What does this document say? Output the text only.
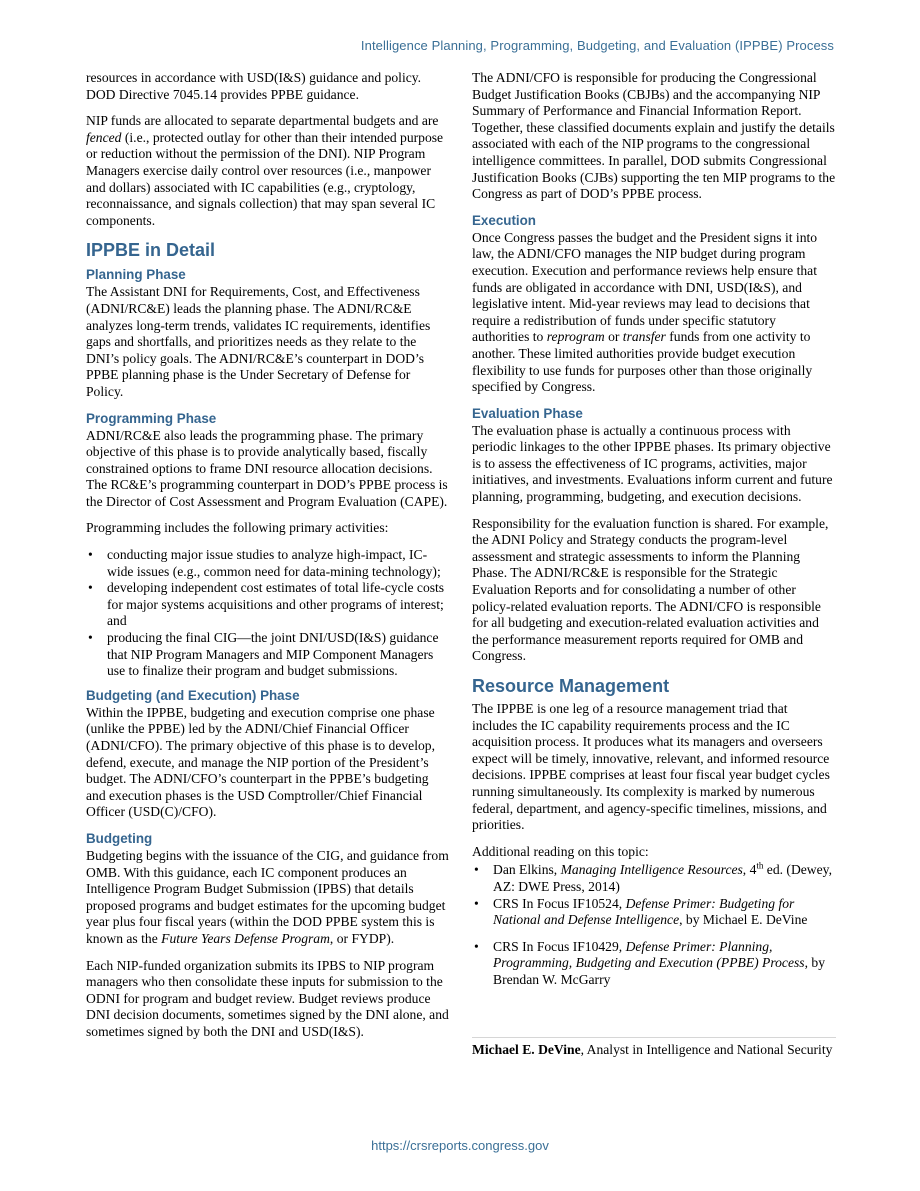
Intelligence Planning, Programming, Budgeting, and Evaluation (IPPBE) Process

resources in accordance with USD(I&S) guidance and policy. DOD Directive 7045.14 provides PPBE guidance.

NIP funds are allocated to separate departmental budgets and are fenced (i.e., protected outlay for other than their intended purpose or reduction without the permission of the DNI). NIP Program Managers exercise daily control over resources (i.e., manpower and dollars) associated with IC capabilities (e.g., cryptology, reconnaissance, and signals collection) that may span several IC components.

IPPBE in Detail
Planning Phase

The Assistant DNI for Requirements, Cost, and Effectiveness (ADNI/RC&E) leads the planning phase. The ADNI/RC&E analyzes long-term trends, validates IC requirements, identifies gaps and shortfalls, and prioritizes needs as they relate to the DNI’s policy goals. The ADNI/RC&E’s counterpart in DOD’s PPBE planning phase is the Under Secretary of Defense for Policy.

Programming Phase

ADNI/RC&E also leads the programming phase. The primary objective of this phase is to provide analytically based, fiscally constrained options to frame DNI resource allocation decisions. The RC&E’s programming counterpart in DOD’s PPBE process is the Director of Cost Assessment and Program Evaluation (CAPE).

Programming includes the following primary activities:

• conducting major issue studies to analyze high-impact, IC-wide issues (e.g., common need for data-mining technology);
• developing independent cost estimates of total life-cycle costs for major systems acquisitions and other programs of interest; and
• producing the final CIG—the joint DNI/USD(I&S) guidance that NIP Program Managers and MIP Component Managers use to finalize their program and budget submissions.
Budgeting (and Execution) Phase

Within the IPPBE, budgeting and execution comprise one phase (unlike the PPBE) led by the ADNI/Chief Financial Officer (ADNI/CFO). The primary objective of this phase is to develop, defend, execute, and manage the NIP portion of the President’s budget. The ADNI/CFO’s counterpart in the PPBE’s budgeting and execution phases is the USD Comptroller/Chief Financial Officer (USD(C)/CFO).

Budgeting

Budgeting begins with the issuance of the CIG, and guidance from OMB. With this guidance, each IC component produces an Intelligence Program Budget Submission (IPBS) that details proposed programs and budget estimates for the upcoming budget year plus four fiscal years (within the DOD PPBE system this is known as the Future Years Defense Program, or FYDP).

Each NIP-funded organization submits its IPBS to NIP program managers who then consolidate these inputs for submission to the ODNI for program and budget review. Budget reviews produce DNI decision documents, sometimes signed by the DNI alone, and sometimes signed by both the DNI and USD(I&S).

The ADNI/CFO is responsible for producing the Congressional Budget Justification Books (CBJBs) and the accompanying NIP Summary of Performance and Financial Information Report. Together, these classified documents explain and justify the details associated with each of the NIP programs to the congressional intelligence committees. In parallel, DOD submits Congressional Justification Books (CJBs) supporting the ten MIP programs to the Congress as part of DOD’s PPBE process.

Execution

Once Congress passes the budget and the President signs it into law, the ADNI/CFO manages the NIP budget during program execution. Execution and performance reviews help ensure that funds are obligated in accordance with DNI, USD(I&S), and legislative intent. Mid-year reviews may lead to decisions that require a redistribution of funds under specific statutory authorities to reprogram or transfer funds from one activity to another. These limited authorities provide budget execution flexibility to use funds for purposes other than those originally specified by Congress.

Evaluation Phase

The evaluation phase is actually a continuous process with periodic linkages to the other IPPBE phases. Its primary objective is to assess the effectiveness of IC programs, activities, major initiatives, and investments. Evaluations inform current and future planning, programming, budgeting, and execution decisions.

Responsibility for the evaluation function is shared. For example, the ADNI Policy and Strategy conducts the program-level assessment and strategic assessments to inform the Planning Phase. The ADNI/RC&E is responsible for the Strategic Evaluation Reports and for consolidating a number of other policy-related evaluation reports. The ADNI/CFO is responsible for all budgeting and execution-related evaluation activities and the performance measurement reports required for OMB and Congress.

Resource Management

The IPPBE is one leg of a resource management triad that includes the IC capability requirements process and the IC acquisition process. It produces what its managers and overseers expect will be timely, innovative, relevant, and informed resource decisions. IPPBE comprises at least four fiscal year budget cycles running simultaneously. Its complexity is marked by numerous federal, department, and agency-specific timelines, missions, and priorities.

Additional reading on this topic:

• Dan Elkins, Managing Intelligence Resources, 4th ed. (Dewey, AZ: DWE Press, 2014)
• CRS In Focus IF10524, Defense Primer: Budgeting for National and Defense Intelligence, by Michael E. DeVine
• CRS In Focus IF10429, Defense Primer: Planning, Programming, Budgeting and Execution (PPBE) Process, by Brendan W. McGarry
Michael E. DeVine, Analyst in Intelligence and National Security
https://crsreports.congress.gov
